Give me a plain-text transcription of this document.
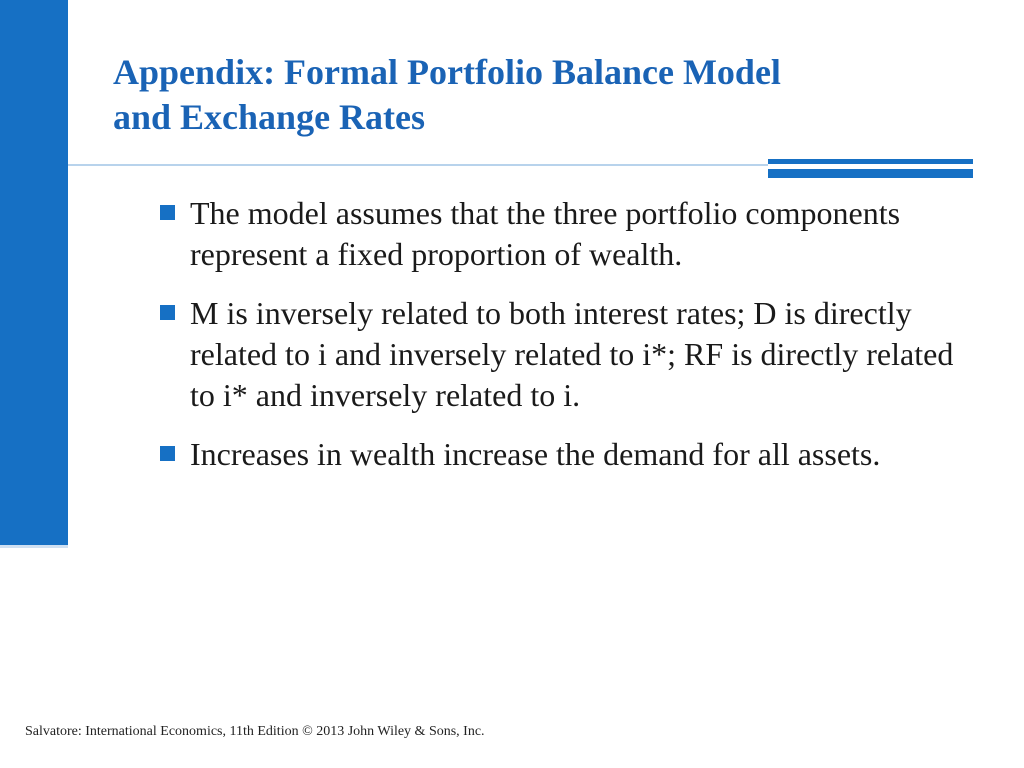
Appendix: Formal Portfolio Balance Model
and Exchange Rates
The model assumes that the three portfolio components represent a fixed proportion of wealth.
M is inversely related to both interest rates; D is directly related to i and inversely related to i*; RF is directly related to i* and inversely related to i.
Increases in wealth increase the demand for all assets.
Salvatore: International Economics, 11th Edition © 2013 John Wiley & Sons, Inc.
